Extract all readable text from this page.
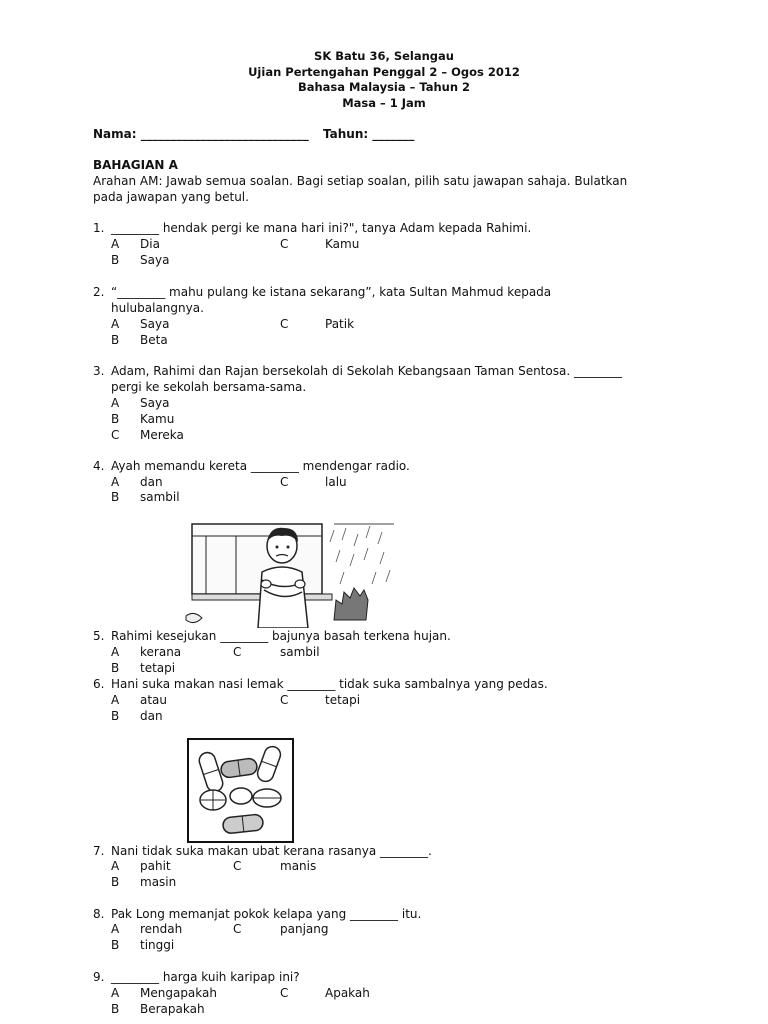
SK Batu 36, Selangau
Ujian Pertengahan Penggal 2 – Ogos 2012
Bahasa Malaysia – Tahun 2
Masa – 1 Jam
Nama: ____________________________ Tahun: _______
BAHAGIAN A
Arahan AM: Jawab semua soalan. Bagi setiap soalan, pilih satu jawapan sahaja. Bulatkan
pada jawapan yang betul.
1. ________ hendak pergi ke mana hari ini?", tanya Adam kepada Rahimi.
A Dia	C	Kamu
B Saya
2. “________ mahu pulang ke istana sekarang”, kata Sultan Mahmud kepada
hulubalangnya.
A Saya	C	Patik
B Beta
3. Adam, Rahimi dan Rajan bersekolah di Sekolah Kebangsaan Taman Sentosa. ________
pergi ke sekolah bersama-sama.
A Saya
B Kamu
C Mereka
4. Ayah memandu kereta ________ mendengar radio.
A dan	C	lalu
B sambil
5. Rahimi kesejukan ________ bajunya basah terkena hujan.
A kerana	C	sambil
B tetapi
6. Hani suka makan nasi lemak ________ tidak suka sambalnya yang pedas.
A atau	C	tetapi
B dan
7. Nani tidak suka makan ubat kerana rasanya ________.
A pahit	C	manis
B masin
8. Pak Long memanjat pokok kelapa yang ________ itu.
A rendah	C	panjang
B tinggi
9. ________ harga kuih karipap ini?
A Mengapakah	C	Apakah
B Berapakah
